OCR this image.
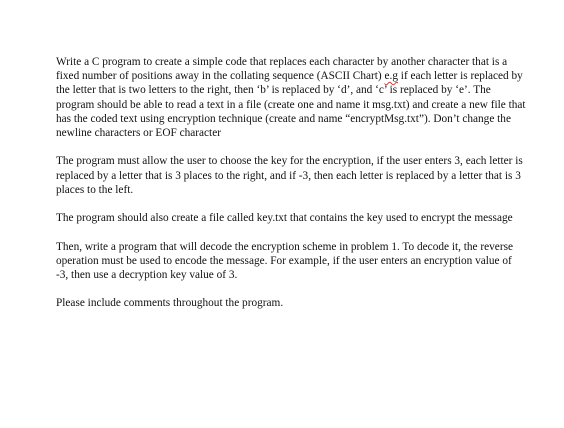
Write a C program to create a simple code that replaces each character by another character that is a fixed number of positions away in the collating sequence (ASCII Chart) e.g if each letter is replaced by the letter that is two letters to the right, then ‘b’ is replaced by ‘d’, and ‘c’ is replaced by ‘e’. The program should be able to read a text in a file (create one and name it msg.txt) and create a new file that has the coded text using encryption technique (create and name “encryptMsg.txt”). Don’t change the newline characters or EOF character

The program must allow the user to choose the key for the encryption, if the user enters 3, each letter is replaced by a letter that is 3 places to the right, and if -3, then each letter is replaced by a letter that is 3 places to the left.

The program should also create a file called key.txt that contains the key used to encrypt the message

Then, write a program that will decode the encryption scheme in problem 1. To decode it, the reverse operation must be used to encode the message. For example, if the user enters an encryption value of -3, then use a decryption key value of 3.

Please include comments throughout the program.
